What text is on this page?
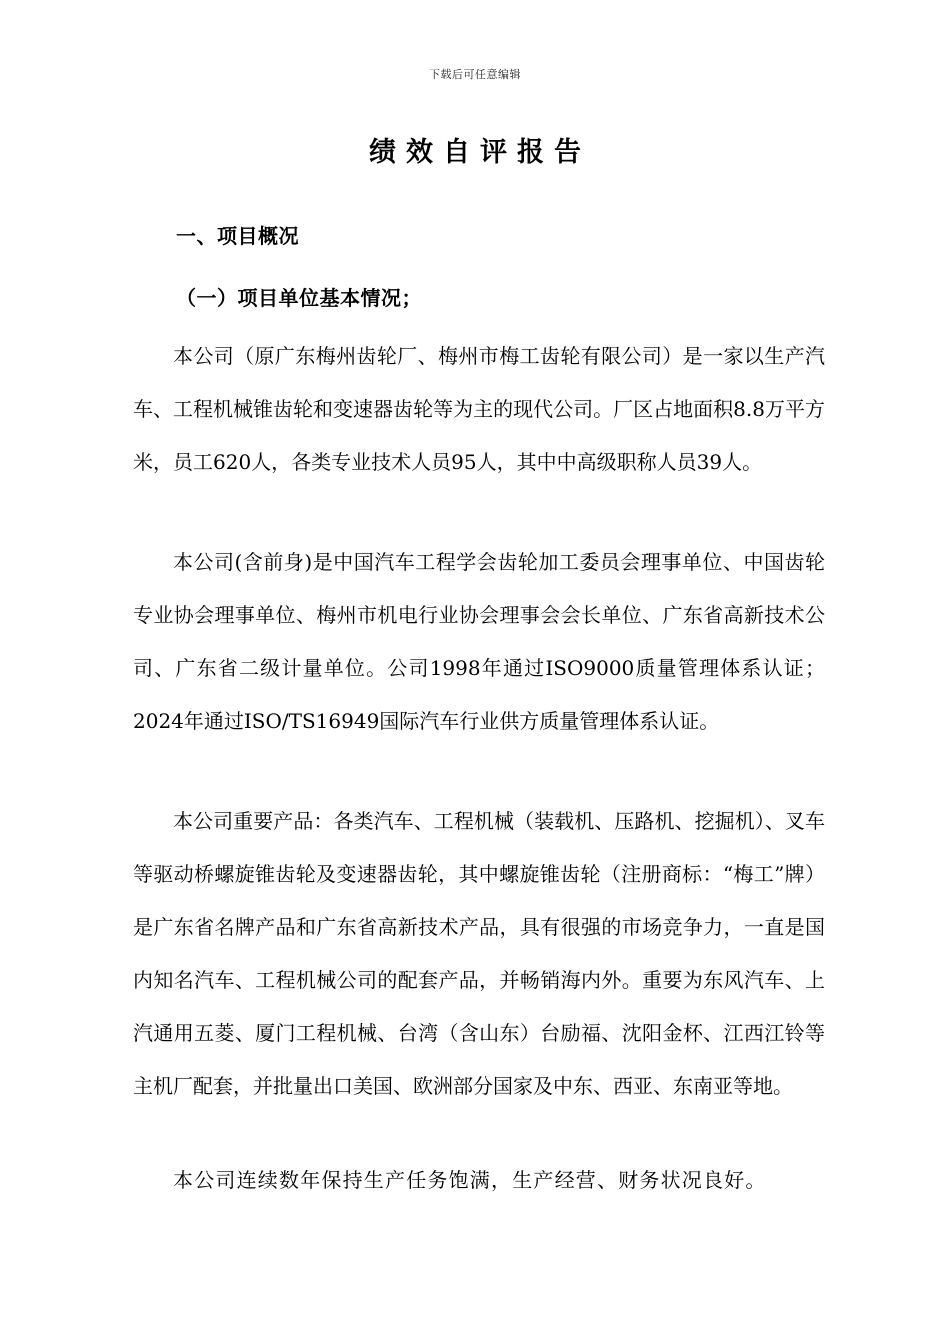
下载后可任意编辑
绩效自评报告
一、项目概况
（一）项目单位基本情况；

本公司（原广东梅州齿轮厂、梅州市梅工齿轮有限公司）是一家以生产汽车、工程机械锥齿轮和变速器齿轮等为主的现代公司。厂区占地面积8.8万平方米，员工620人，各类专业技术人员95人，其中中高级职称人员39人。

本公司(含前身)是中国汽车工程学会齿轮加工委员会理事单位、中国齿轮专业协会理事单位、梅州市机电行业协会理事会会长单位、广东省高新技术公司、广东省二级计量单位。公司1998年通过ISO9000质量管理体系认证；2024年通过ISO/TS16949国际汽车行业供方质量管理体系认证。

本公司重要产品：各类汽车、工程机械（装载机、压路机、挖掘机）、叉车等驱动桥螺旋锥齿轮及变速器齿轮，其中螺旋锥齿轮（注册商标：“梅工”牌）是广东省名牌产品和广东省高新技术产品，具有很强的市场竞争力，一直是国内知名汽车、工程机械公司的配套产品，并畅销海内外。重要为东风汽车、上汽通用五菱、厦门工程机械、台湾（含山东）台励福、沈阳金杯、江西江铃等主机厂配套，并批量出口美国、欧洲部分国家及中东、西亚、东南亚等地。

本公司连续数年保持生产任务饱满，生产经营、财务状况良好。
